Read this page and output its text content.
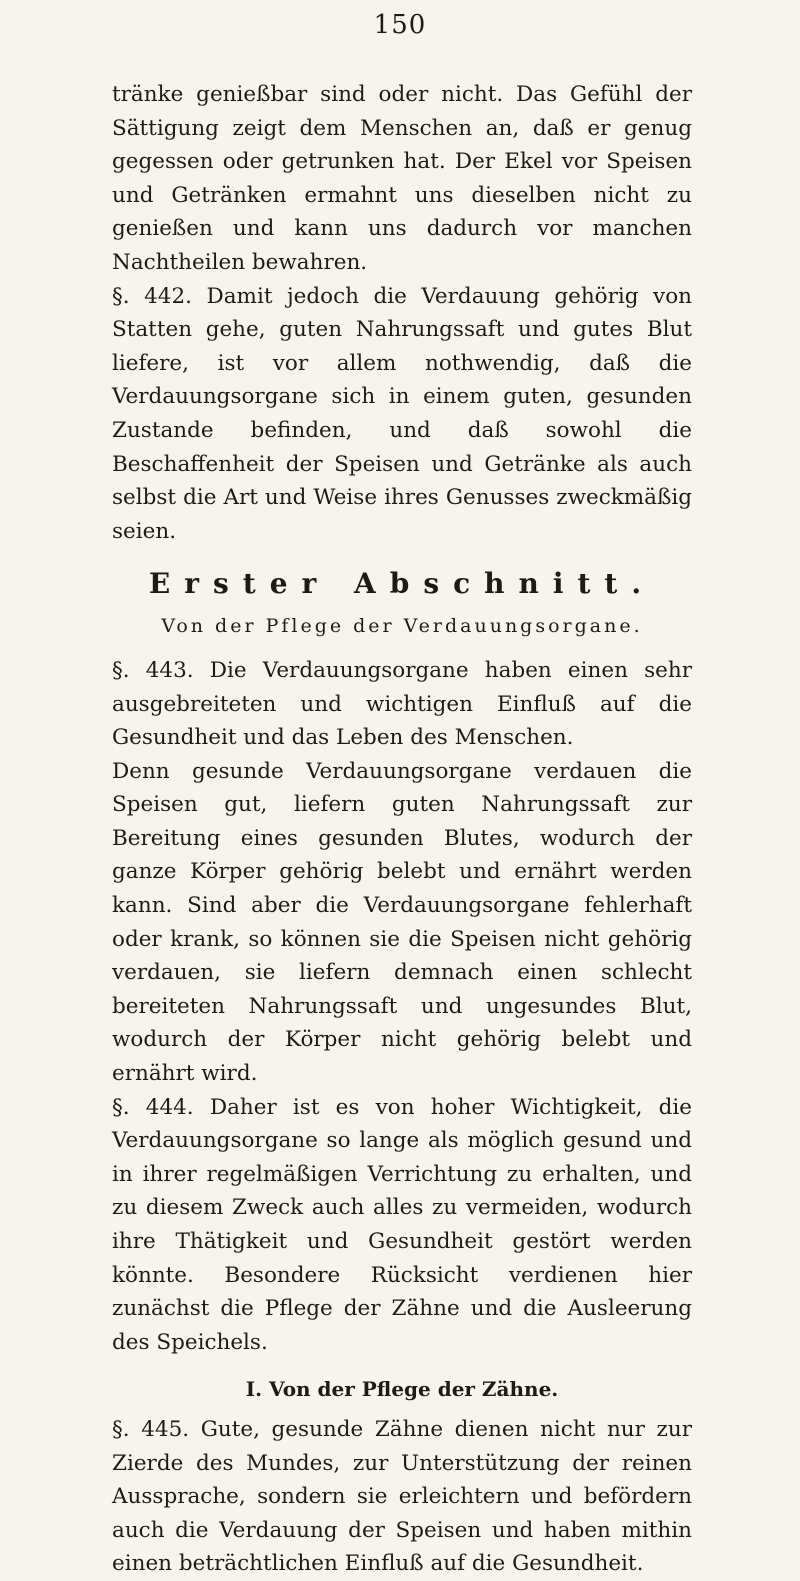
150

tränke genießbar sind oder nicht. Das Gefühl der Sättigung zeigt dem Menschen an, daß er genug gegessen oder getrunken hat. Der Ekel vor Speisen und Getränken ermahnt uns dieselben nicht zu genießen und kann uns dadurch vor manchen Nachtheilen bewahren.

§. 442. Damit jedoch die Verdauung gehörig von Statten gehe, guten Nahrungssaft und gutes Blut liefere, ist vor allem nothwendig, daß die Verdauungsorgane sich in einem guten, gesunden Zustande befinden, und daß sowohl die Beschaffenheit der Speisen und Getränke als auch selbst die Art und Weise ihres Genusses zweckmäßig seien.

Erster Abschnitt.
Von der Pflege der Verdauungsorgane.

§. 443. Die Verdauungsorgane haben einen sehr ausgebreiteten und wichtigen Einfluß auf die Gesundheit und das Leben des Menschen.

Denn gesunde Verdauungsorgane verdauen die Speisen gut, liefern guten Nahrungssaft zur Bereitung eines gesunden Blutes, wodurch der ganze Körper gehörig belebt und ernährt werden kann. Sind aber die Verdauungsorgane fehlerhaft oder krank, so können sie die Speisen nicht gehörig verdauen, sie liefern demnach einen schlecht bereiteten Nahrungssaft und ungesundes Blut, wodurch der Körper nicht gehörig belebt und ernährt wird.

§. 444. Daher ist es von hoher Wichtigkeit, die Verdauungsorgane so lange als möglich gesund und in ihrer regelmäßigen Verrichtung zu erhalten, und zu diesem Zweck auch alles zu vermeiden, wodurch ihre Thätigkeit und Gesundheit gestört werden könnte. Besondere Rücksicht verdienen hier zunächst die Pflege der Zähne und die Ausleerung des Speichels.

I. Von der Pflege der Zähne.

§. 445. Gute, gesunde Zähne dienen nicht nur zur Zierde des Mundes, zur Unterstützung der reinen Aussprache, sondern sie erleichtern und befördern auch die Verdauung der Speisen und haben mithin einen beträchtlichen Einfluß auf die Gesundheit.
